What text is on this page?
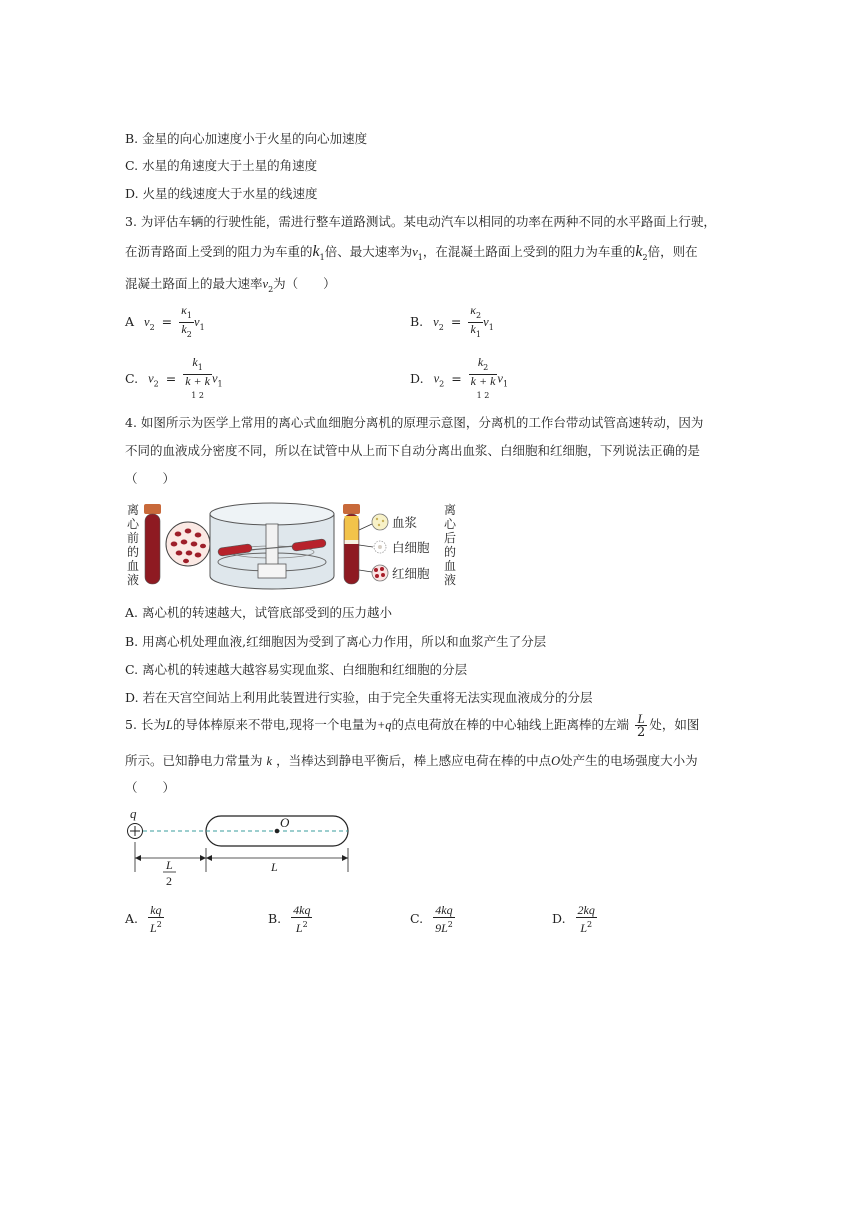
B. 金星的向心加速度小于火星的向心加速度
C. 水星的角速度大于土星的角速度
D. 火星的线速度大于水星的线速度
3. 为评估车辆的行驶性能，需进行整车道路测试。某电动汽车以相同的功率在两种不同的水平路面上行驶，
在沥青路面上受到的阻力为车重的$k_1$倍、最大速率为$v_1$，在混凝土路面上受到的阻力为车重的$k_2$倍，则在
混凝土路面上的最大速率$v_2$为（　　）
A $v_2 = \frac{\kappa_1}{k_2} v_1$	B. $v_2 = \frac{\kappa_2}{k_1} v_1$
C. $v_2$ =
$k_1$
k + k
1 2
$v_1$	D. $v_2$ =
$k_2$
k + k
1 2
$v_1$
4. 如图所示为医学上常用的离心式血细胞分离机的原理示意图，分离机的工作台带动试管高速转动，因为
不同的血液成分密度不同，所以在试管中从上而下自动分离出血浆、白细胞和红细胞，下列说法正确的是
（　　）
离
心
前
的
血
液
血浆
白细胞
红细胞
离
心
后
的
血
液
A. 离心机的转速越大，试管底部受到的压力越小
B. 用离心机处理血液,红细胞因为受到了离心力作用，所以和血浆产生了分层
C. 离心机的转速越大越容易实现血浆、白细胞和红细胞的分层
D. 若在天宫空间站上利用此装置进行实验，由于完全失重将无法实现血液成分的分层
5. 长为L的导体棒原来不带电,现将一个电量为+q的点电荷放在棒的中心轴线上距离棒的左端 $\frac{L}{2}$ 处，如图
所示。已知静电力常量为 k ，当棒达到静电平衡后，棒上感应电荷在棒的中点O处产生的电场强度大小为
（　　）
q
O
L
2
L
A. $\frac{kq}{L^2}$	B. $\frac{4kq}{L^2}$	C. $\frac{4kq}{9L^2}$	D. $\frac{2kq}{L^2}$
